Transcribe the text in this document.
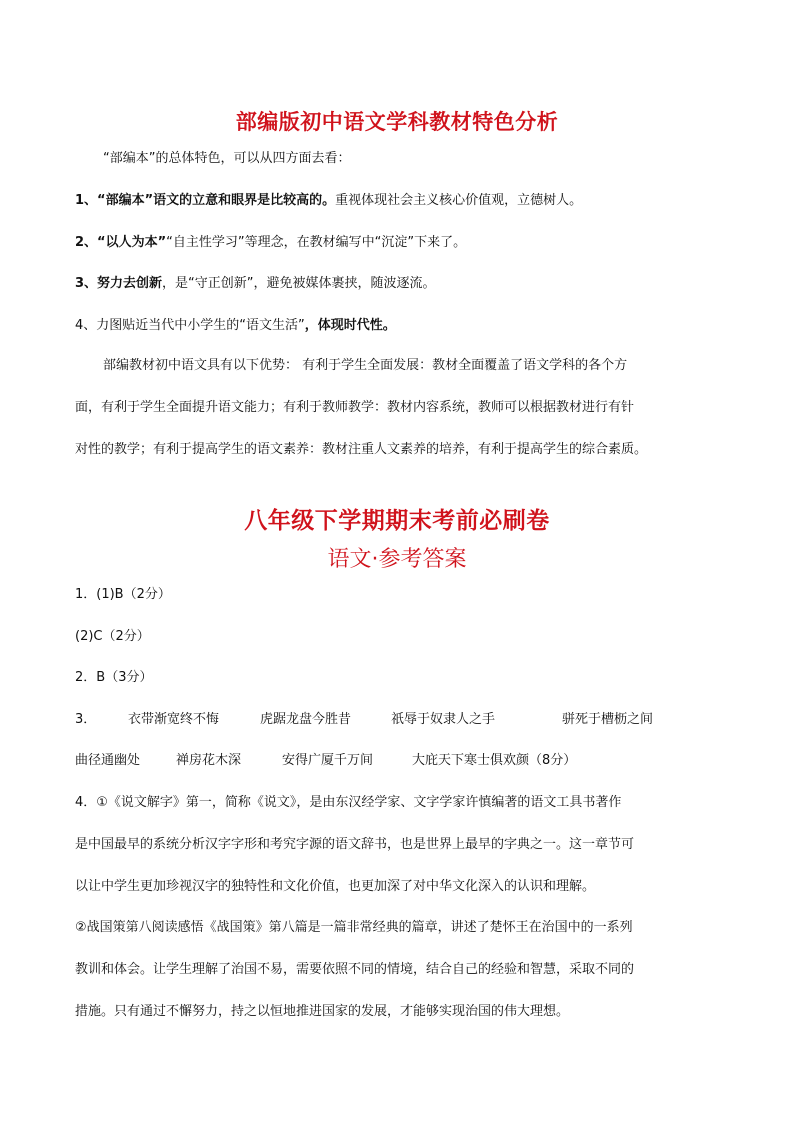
部编版初中语文学科教材特色分析
“部编本”的总体特色，可以从四方面去看：
1、“部编本”语文的立意和眼界是比较高的。重视体现社会主义核心价值观，立德树人。
2、“以人为本”“自主性学习”等理念，在教材编写中“沉淀”下来了。
3、努力去创新，是“守正创新”，避免被媒体裹挟，随波逐流。
4、力图贴近当代中小学生的“语文生活”，体现时代性。
部编教材初中语文具有以下优势： 有利于学生全面发展：教材全面覆盖了语文学科的各个方
面，有利于学生全面提升语文能力；有利于教师教学：教材内容系统，教师可以根据教材进行有针
对性的教学；有利于提高学生的语文素养：教材注重人文素养的培养，有利于提高学生的综合素质。
八年级下学期期末考前必刷卷
语文·参考答案
1．(1)B（2分）
(2)C（2分）
2．B（3分）
3． 衣带渐宽终不悔	虎踞龙盘今胜昔	祇辱于奴隶人之手	骈死于槽枥之间
曲径通幽处	禅房花木深	安得广厦千万间	大庇天下寒士俱欢颜（8分）
4．①《说文解字》第一，简称《说文》，是由东汉经学家、文字学家许慎编著的语文工具书著作
是中国最早的系统分析汉字字形和考究字源的语文辞书，也是世界上最早的字典之一。这一章节可
以让中学生更加珍视汉字的独特性和文化价值，也更加深了对中华文化深入的认识和理解。
②战国策第八阅读感悟《战国策》第八篇是一篇非常经典的篇章，讲述了楚怀王在治国中的一系列
教训和体会。让学生理解了治国不易，需要依照不同的情境，结合自己的经验和智慧，采取不同的
措施。只有通过不懈努力，持之以恒地推进国家的发展，才能够实现治国的伟大理想。
